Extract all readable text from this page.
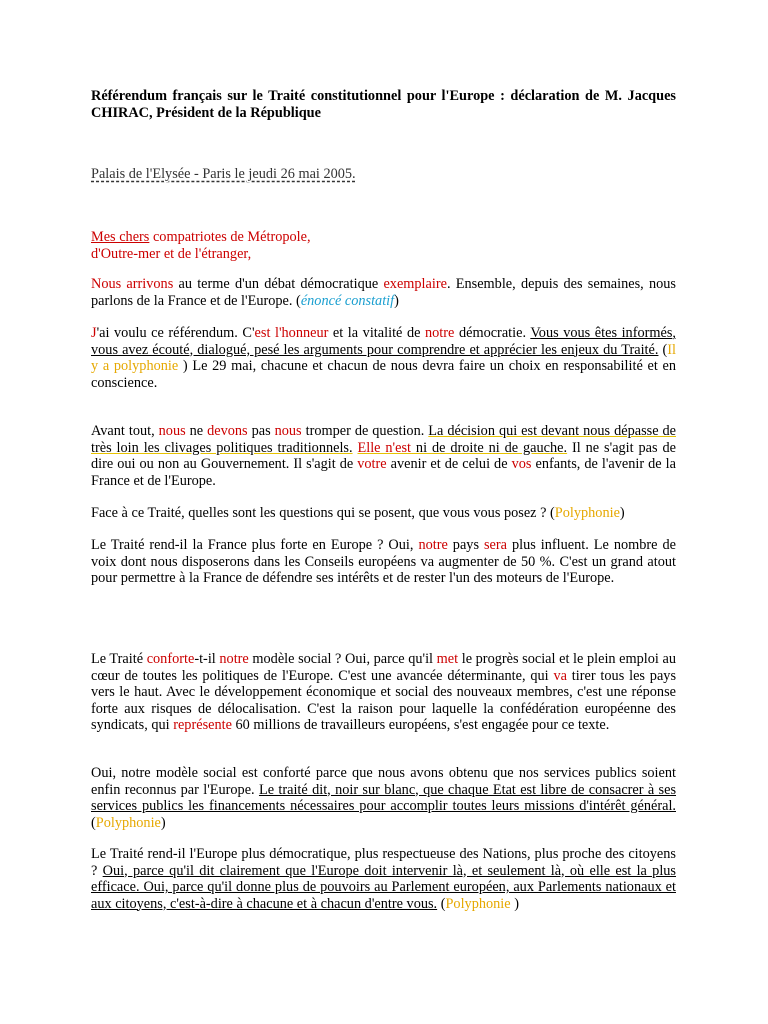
Référendum français sur le Traité constitutionnel pour l'Europe : déclaration de M. Jacques CHIRAC, Président de la République
Palais de l'Elysée - Paris le jeudi 26 mai 2005.
Mes chers compatriotes de Métropole,
d'Outre-mer et de l'étranger,
Nous arrivons au terme d'un débat démocratique exemplaire. Ensemble, depuis des semaines, nous parlons de la France et de l'Europe. (énoncé constatif)
J'ai voulu ce référendum. C'est l'honneur et la vitalité de notre démocratie. Vous vous êtes informés, vous avez écouté, dialogué, pesé les arguments pour comprendre et apprécier les enjeux du Traité. (Il y a polyphonie ) Le 29 mai, chacune et chacun de nous devra faire un choix en responsabilité et en conscience.
Avant tout, nous ne devons pas nous tromper de question. La décision qui est devant nous dépasse de très loin les clivages politiques traditionnels. Elle n'est ni de droite ni de gauche. Il ne s'agit pas de dire oui ou non au Gouvernement. Il s'agit de votre avenir et de celui de vos enfants, de l'avenir de la France et de l'Europe.
Face à ce Traité, quelles sont les questions qui se posent, que vous vous posez ? (Polyphonie)
Le Traité rend-il la France plus forte en Europe ? Oui, notre pays sera plus influent. Le nombre de voix dont nous disposerons dans les Conseils européens va augmenter de 50 %. C'est un grand atout pour permettre à la France de défendre ses intérêts et de rester l'un des moteurs de l'Europe.
Le Traité conforte-t-il notre modèle social ? Oui, parce qu'il met le progrès social et le plein emploi au cœur de toutes les politiques de l'Europe. C'est une avancée déterminante, qui va tirer tous les pays vers le haut. Avec le développement économique et social des nouveaux membres, c'est une réponse forte aux risques de délocalisation. C'est la raison pour laquelle la confédération européenne des syndicats, qui représente 60 millions de travailleurs européens, s'est engagée pour ce texte.
Oui, notre modèle social est conforté parce que nous avons obtenu que nos services publics soient enfin reconnus par l'Europe. Le traité dit, noir sur blanc, que chaque Etat est libre de consacrer à ses services publics les financements nécessaires pour accomplir toutes leurs missions d'intérêt général. (Polyphonie)
Le Traité rend-il l'Europe plus démocratique, plus respectueuse des Nations, plus proche des citoyens ? Oui, parce qu'il dit clairement que l'Europe doit intervenir là, et seulement là, où elle est la plus efficace. Oui, parce qu'il donne plus de pouvoirs au Parlement européen, aux Parlements nationaux et aux citoyens, c'est-à-dire à chacune et à chacun d'entre vous. (Polyphonie )
